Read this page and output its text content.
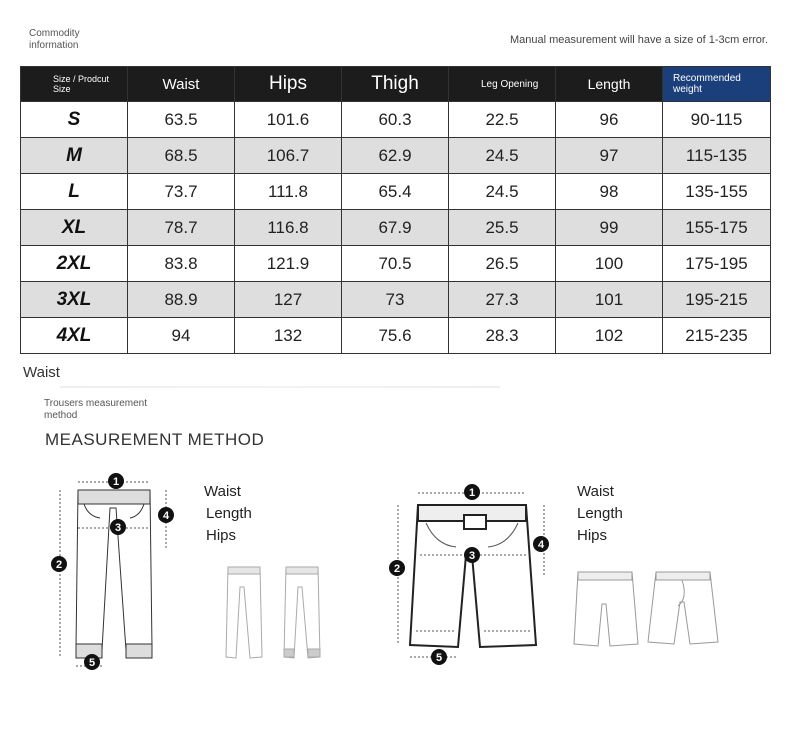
Commodity information	Manual measurement will have a size of 1-3cm error.
Size / Prodcut Size	Waist	Hips	Thigh	Leg Opening	Length	Recommended weight
S	63.5	101.6	60.3	22.5	96	90-115
M	68.5	106.7	62.9	24.5	97	115-135
L	73.7	111.8	65.4	24.5	98	135-155
XL	78.7	116.8	67.9	25.5	99	155-175
2XL	83.8	121.9	70.5	26.5	100	175-195
3XL	88.9	127	73	27.3	101	195-215
4XL	94	132	75.6	28.3	102	215-235
Waist
Trousers measurement method
MEASUREMENT METHOD
1
2
3
4
5
Waist
Length
Hips
1
2
3
4
5
Waist
Length
Hips
